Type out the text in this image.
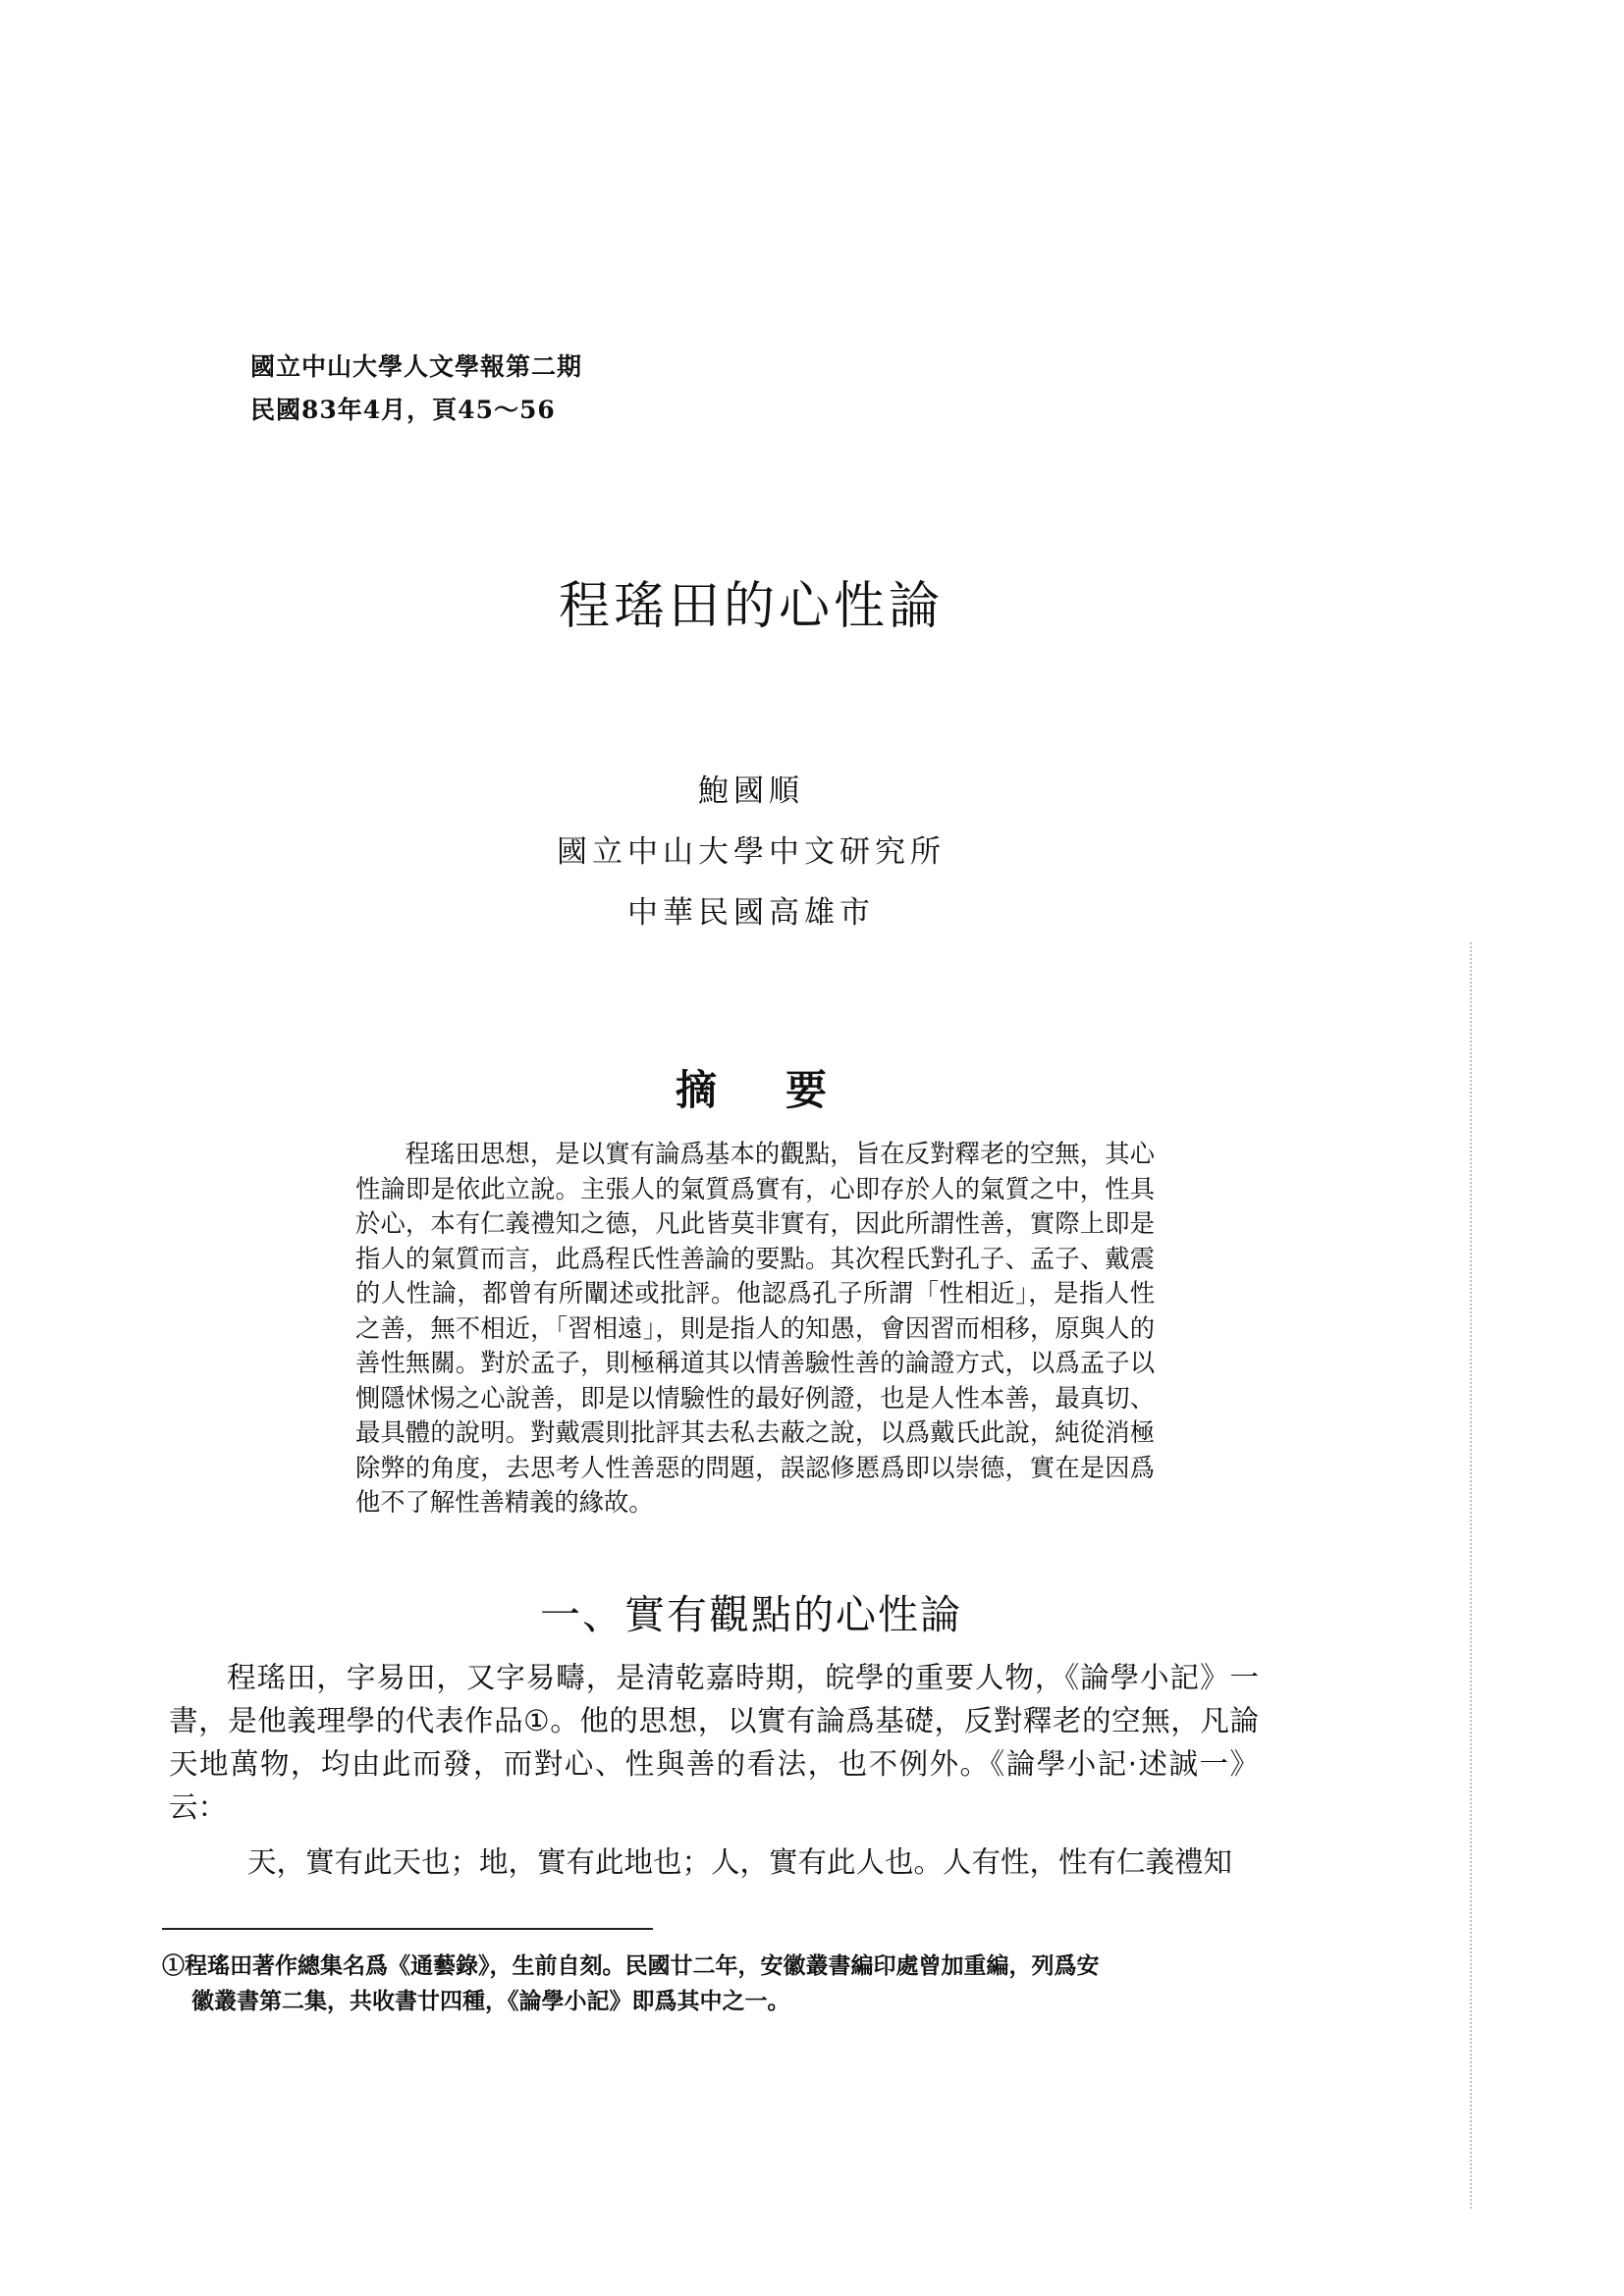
國立中山大學人文學報第二期
民國83年4月，頁45～56
程瑤田的心性論
鮑國順
國立中山大學中文研究所
中華民國高雄市
摘 要
程瑤田思想，是以實有論爲基本的觀點，旨在反對釋老的空無，其心性論即是依此立說。主張人的氣質爲實有，心即存於人的氣質之中，性具於心，本有仁義禮知之德，凡此皆莫非實有，因此所謂性善，實際上即是指人的氣質而言，此爲程氏性善論的要點。其次程氏對孔子、孟子、戴震的人性論，都曾有所闡述或批評。他認爲孔子所謂「性相近」，是指人性之善，無不相近，「習相遠」，則是指人的知愚，會因習而相移，原與人的善性無關。對於孟子，則極稱道其以情善驗性善的論證方式，以爲孟子以惻隱怵惕之心說善，即是以情驗性的最好例證，也是人性本善，最真切、最具體的說明。對戴震則批評其去私去蔽之說，以爲戴氏此說，純從消極除弊的角度，去思考人性善惡的問題，誤認修慝爲即以崇德，實在是因爲他不了解性善精義的緣故。
一、實有觀點的心性論
程瑤田，字易田，又字易疇，是清乾嘉時期，皖學的重要人物，《論學小記》一書，是他義理學的代表作品①。他的思想，以實有論爲基礎，反對釋老的空無，凡論天地萬物，均由此而發，而對心、性與善的看法，也不例外。《論學小記·述誠一》云：
天，實有此天也；地，實有此地也；人，實有此人也。人有性，性有仁義禮知
①程瑤田著作總集名爲《通藝錄》，生前自刻。民國廿二年，安徽叢書編印處曾加重編，列爲安
徽叢書第二集，共收書廿四種，《論學小記》即爲其中之一。
